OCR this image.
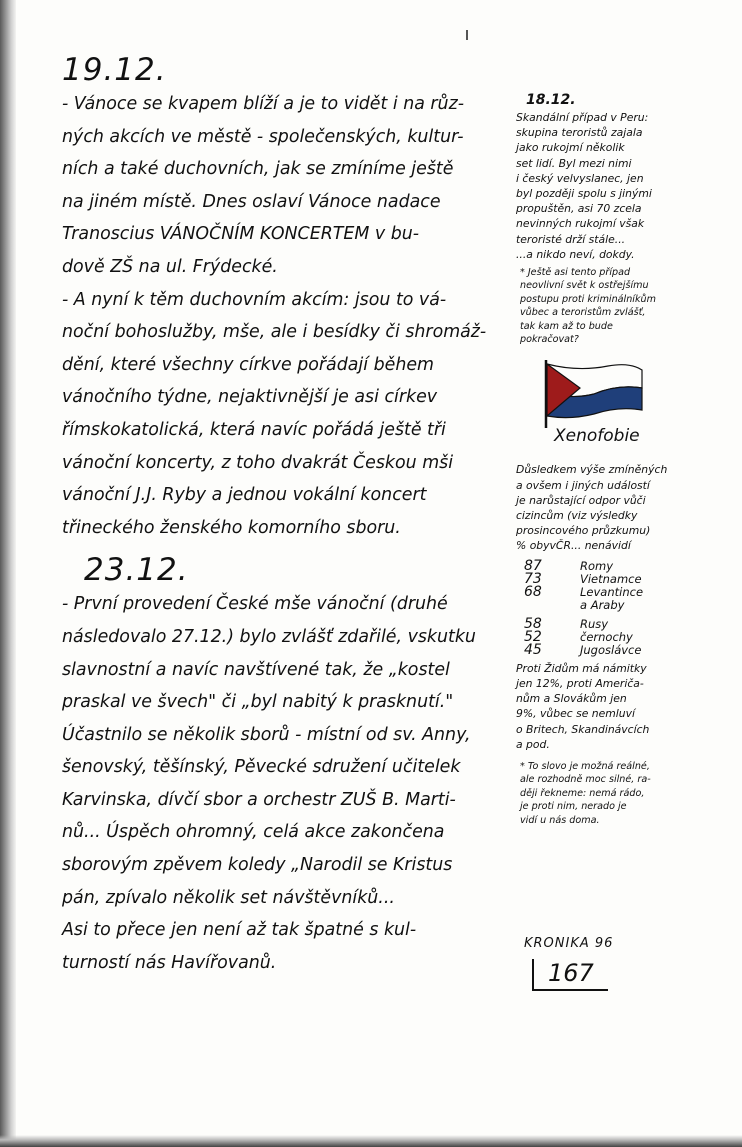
19.12.

- Vánoce se kvapem blíží a je to vidět i na růz-
ných akcích ve městě - společenských, kultur-
ních a také duchovních, jak se zmíníme ještě
na jiném místě. Dnes oslaví Vánoce nadace
Tranoscius VÁNOČNÍM KONCERTEM v bu-
dově ZŠ na ul. Frýdecké.

- A nyní k těm duchovním akcím: jsou to vá-
noční bohoslužby, mše, ale i besídky či shromáž-
dění, které všechny církve pořádají během
vánočního týdne, nejaktivnější je asi církev
římskokatolická, která navíc pořádá ještě tři
vánoční koncerty, z toho dvakrát Českou mši
vánoční J.J. Ryby a jednou vokální koncert
třineckého ženského komorního sboru.

23.12.

- První provedení České mše vánoční (druhé
následovalo 27.12.) bylo zvlášť zdařilé, vskutku
slavnostní a navíc navštívené tak, že „kostel
praskal ve švech" či „byl nabitý k prasknutí."
Účastnilo se několik sborů - místní od sv. Anny,
šenovský, těšínský, Pěvecké sdružení učitelek
Karvinska, dívčí sbor a orchestr ZUŠ B. Marti-
nů... Úspěch ohromný, celá akce zakončena
sborovým zpěvem koledy „Narodil se Kristus
pán, zpívalo několik set návštěvníků...
Asi to přece jen není až tak špatné s kul-
turností nás Havířovanů.

18.12.

Skandální případ v Peru:
skupina teroristů zajala
jako rukojmí několik
set lidí. Byl mezi nimi
i český velvyslanec, jen
byl později spolu s jinými
propuštěn, asi 70 zcela
nevinných rukojmí však
teroristé drží stále...
...a nikdo neví, dokdy.

* Ještě asi tento případ
neovlivní svět k ostřejšímu
postupu proti kriminálníkům
vůbec a teroristům zvlášť,
tak kam až to bude
pokračovat?

Xenofobie

Důsledkem výše zmíněných
a ovšem i jiných událostí
je narůstající odpor vůči
cizincům (viz výsledky
prosincového průzkumu)
% obyvČR... nenávidí

87	Romy
73	Vietnamce
68	Levantince
a Araby
58	Rusy
52	černochy
45	Jugoslávce

Proti Židům má námitky
jen 12%, proti Američa-
nům a Slovákům jen
9%, vůbec se nemluví
o Britech, Skandinávcích
a pod.

* To slovo je možná reálné,
ale rozhodně moc silné, ra-
ději řekneme: nemá rádo,
je proti nim, nerado je
vidí u nás doma.

KRONIKA 96

167
